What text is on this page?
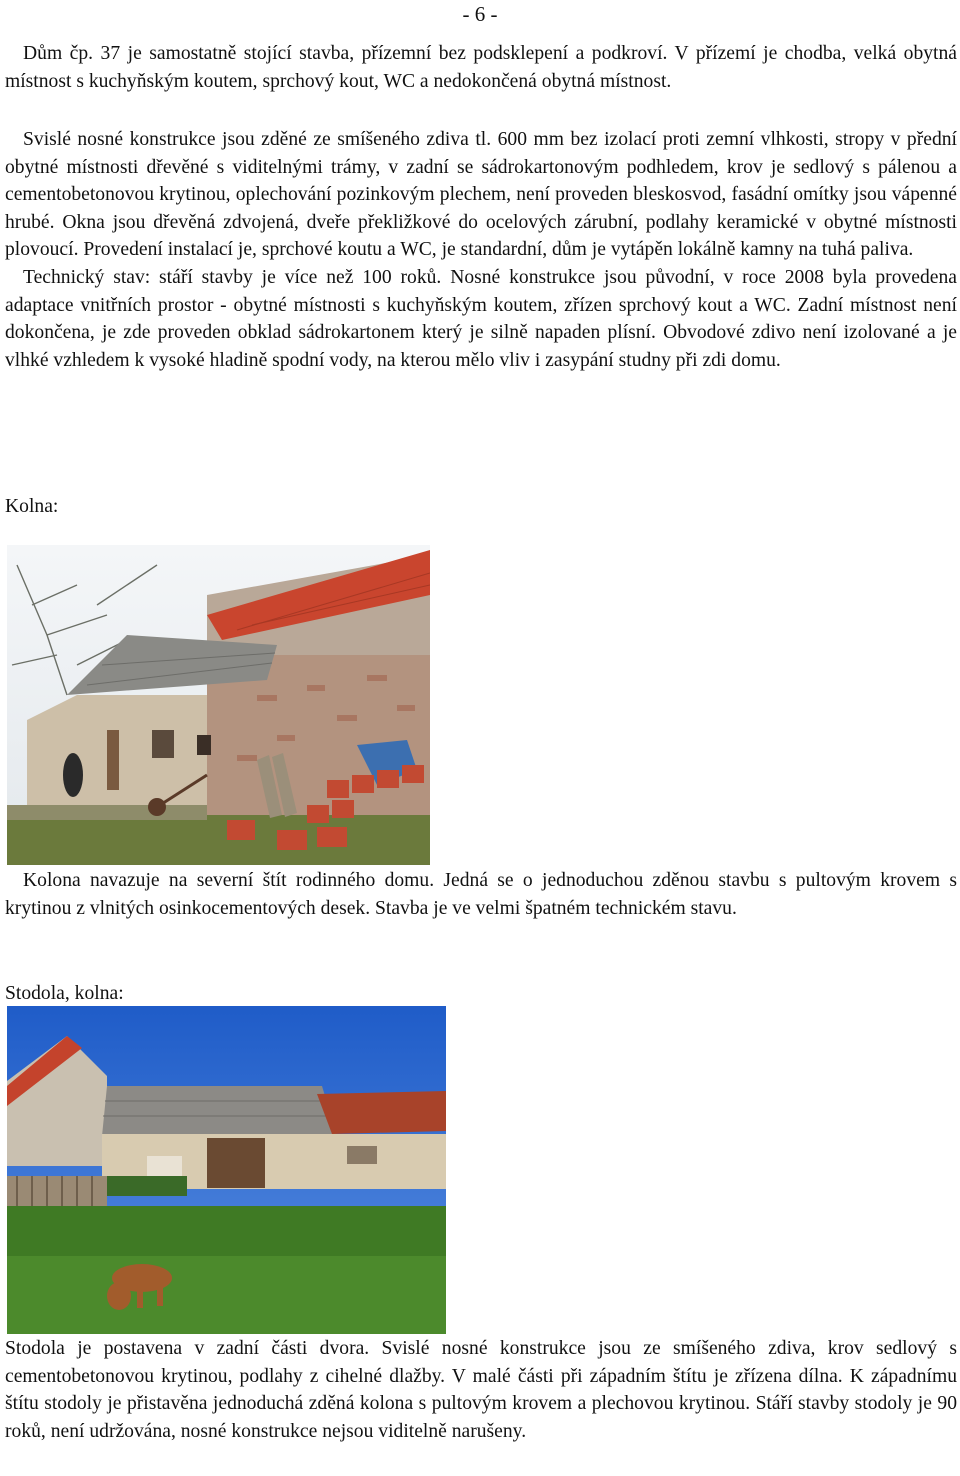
- 6 -

Dům čp. 37 je samostatně stojící stavba, přízemní bez podsklepení a podkroví. V přízemí je chodba, velká obytná místnost s kuchyňským koutem, sprchový kout, WC a nedokončená obytná místnost.

Svislé nosné konstrukce jsou zděné ze smíšeného zdiva tl. 600 mm bez izolací proti zemní vlhkosti, stropy v přední obytné místnosti dřevěné s viditelnými trámy, v zadní se sádrokartonovým podhledem, krov je sedlový s pálenou a cementobetonovou krytinou, oplechování pozinkovým plechem, není proveden bleskosvod, fasádní omítky jsou vápenné hrubé. Okna jsou dřevěná zdvojená, dveře překližkové do ocelových zárubní, podlahy keramické v obytné místnosti plovoucí. Provedení instalací je, sprchové koutu a WC, je standardní, dům je vytápěn lokálně kamny na tuhá paliva.

Technický stav: stáří stavby je více než 100 roků. Nosné konstrukce jsou původní, v roce 2008 byla provedena adaptace vnitřních prostor - obytné místnosti s kuchyňským koutem, zřízen sprchový kout a WC. Zadní místnost není dokončena, je zde proveden obklad sádrokartonem který je silně napaden plísní. Obvodové zdivo není izolované a je vlhké vzhledem k vysoké hladině spodní vody, na kterou mělo vliv i zasypání studny při zdi domu.

Kolna:

Kolona navazuje na severní štít rodinného domu. Jedná se o jednoduchou zděnou stavbu s pultovým krovem s krytinou z vlnitých osinkocementových desek. Stavba je ve velmi špatném technickém stavu.

Stodola, kolna:

Stodola je postavena v zadní části dvora. Svislé nosné konstrukce jsou ze smíšeného zdiva, krov sedlový s cementobetonovou krytinou, podlahy z cihelné dlažby. V malé části při západním štítu je zřízena dílna. K západnímu štítu stodoly je přistavěna jednoduchá zděná kolona s pultovým krovem a plechovou krytinou. Stáří stavby stodoly je 90 roků, není udržována, nosné konstrukce nejsou viditelně narušeny.
